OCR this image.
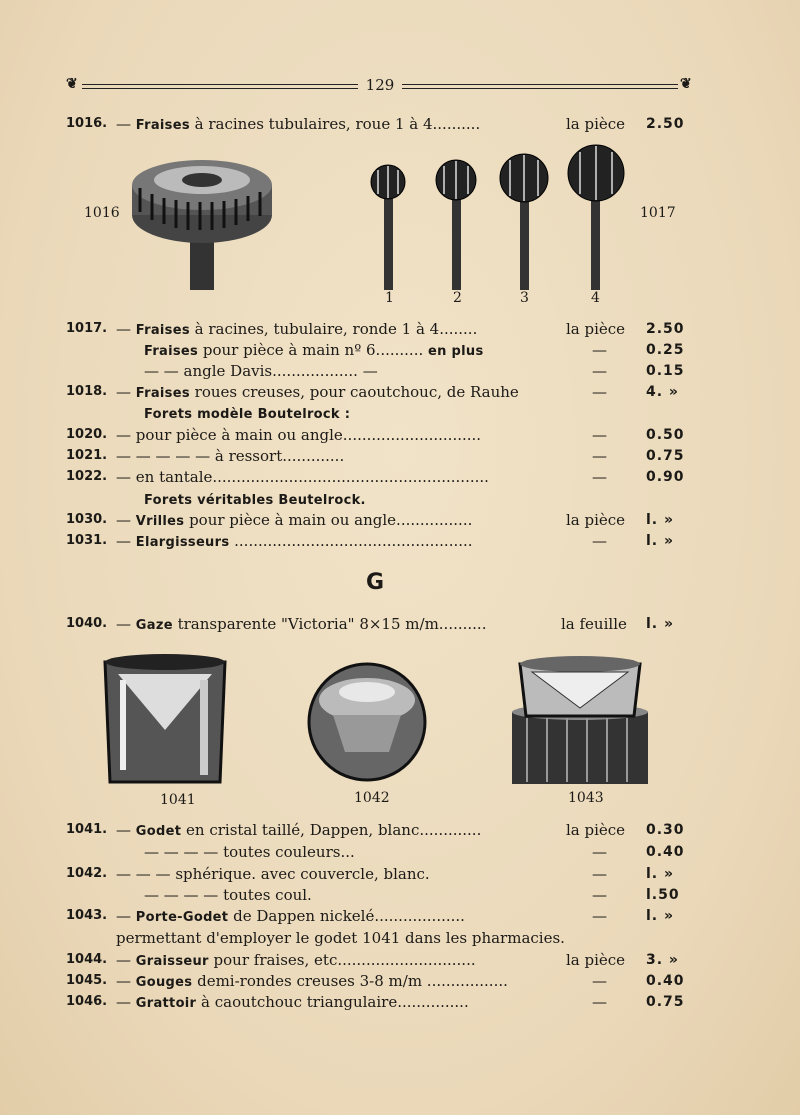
❦	129	❦
1016. — Fraises à racines tubulaires, roue 1 à 4..........	la pièce 2.50
1016	1017
1	2	3	4
1017. — Fraises à racines, tubulaire, ronde 1 à 4........	la pièce 2.50
Fraises pour pièce à main nº 6.......... en plus	—	0.25
— — angle Davis.................. —	—	0.15
1018. — Fraises roues creuses, pour caoutchouc, de Rauhe	—	4. »
Forets modèle Boutelrock :
1020. — pour pièce à main ou angle.............................	—	0.50
1021. — — — — — à ressort.............	—	0.75
1022. — en tantale..........................................................	—	0.90
Forets véritables Beutelrock.
1030. — Vrilles pour pièce à main ou angle................	la pièce l. »
1031. — Elargisseurs ..................................................	—	l. »
G
1040. — Gaze transparente "Victoria" 8×15 m/m..........	la feuille l. »
1041	1042	1043
1041. — Godet en cristal taillé, Dappen, blanc.............	la pièce 0.30
— — — — toutes couleurs...	—	0.40
1042. — — — sphérique. avec couvercle, blanc.	—	l. »
— — — — toutes coul.	—	l.50
1043. — Porte-Godet de Dappen nickelé...................	—	l. »
permettant d'employer le godet 1041 dans les pharmacies.
1044. — Graisseur pour fraises, etc.............................	la pièce 3. »
1045. — Gouges demi-rondes creuses 3-8 m/m .................	—	0.40
1046. — Grattoir à caoutchouc triangulaire...............	—	0.75
